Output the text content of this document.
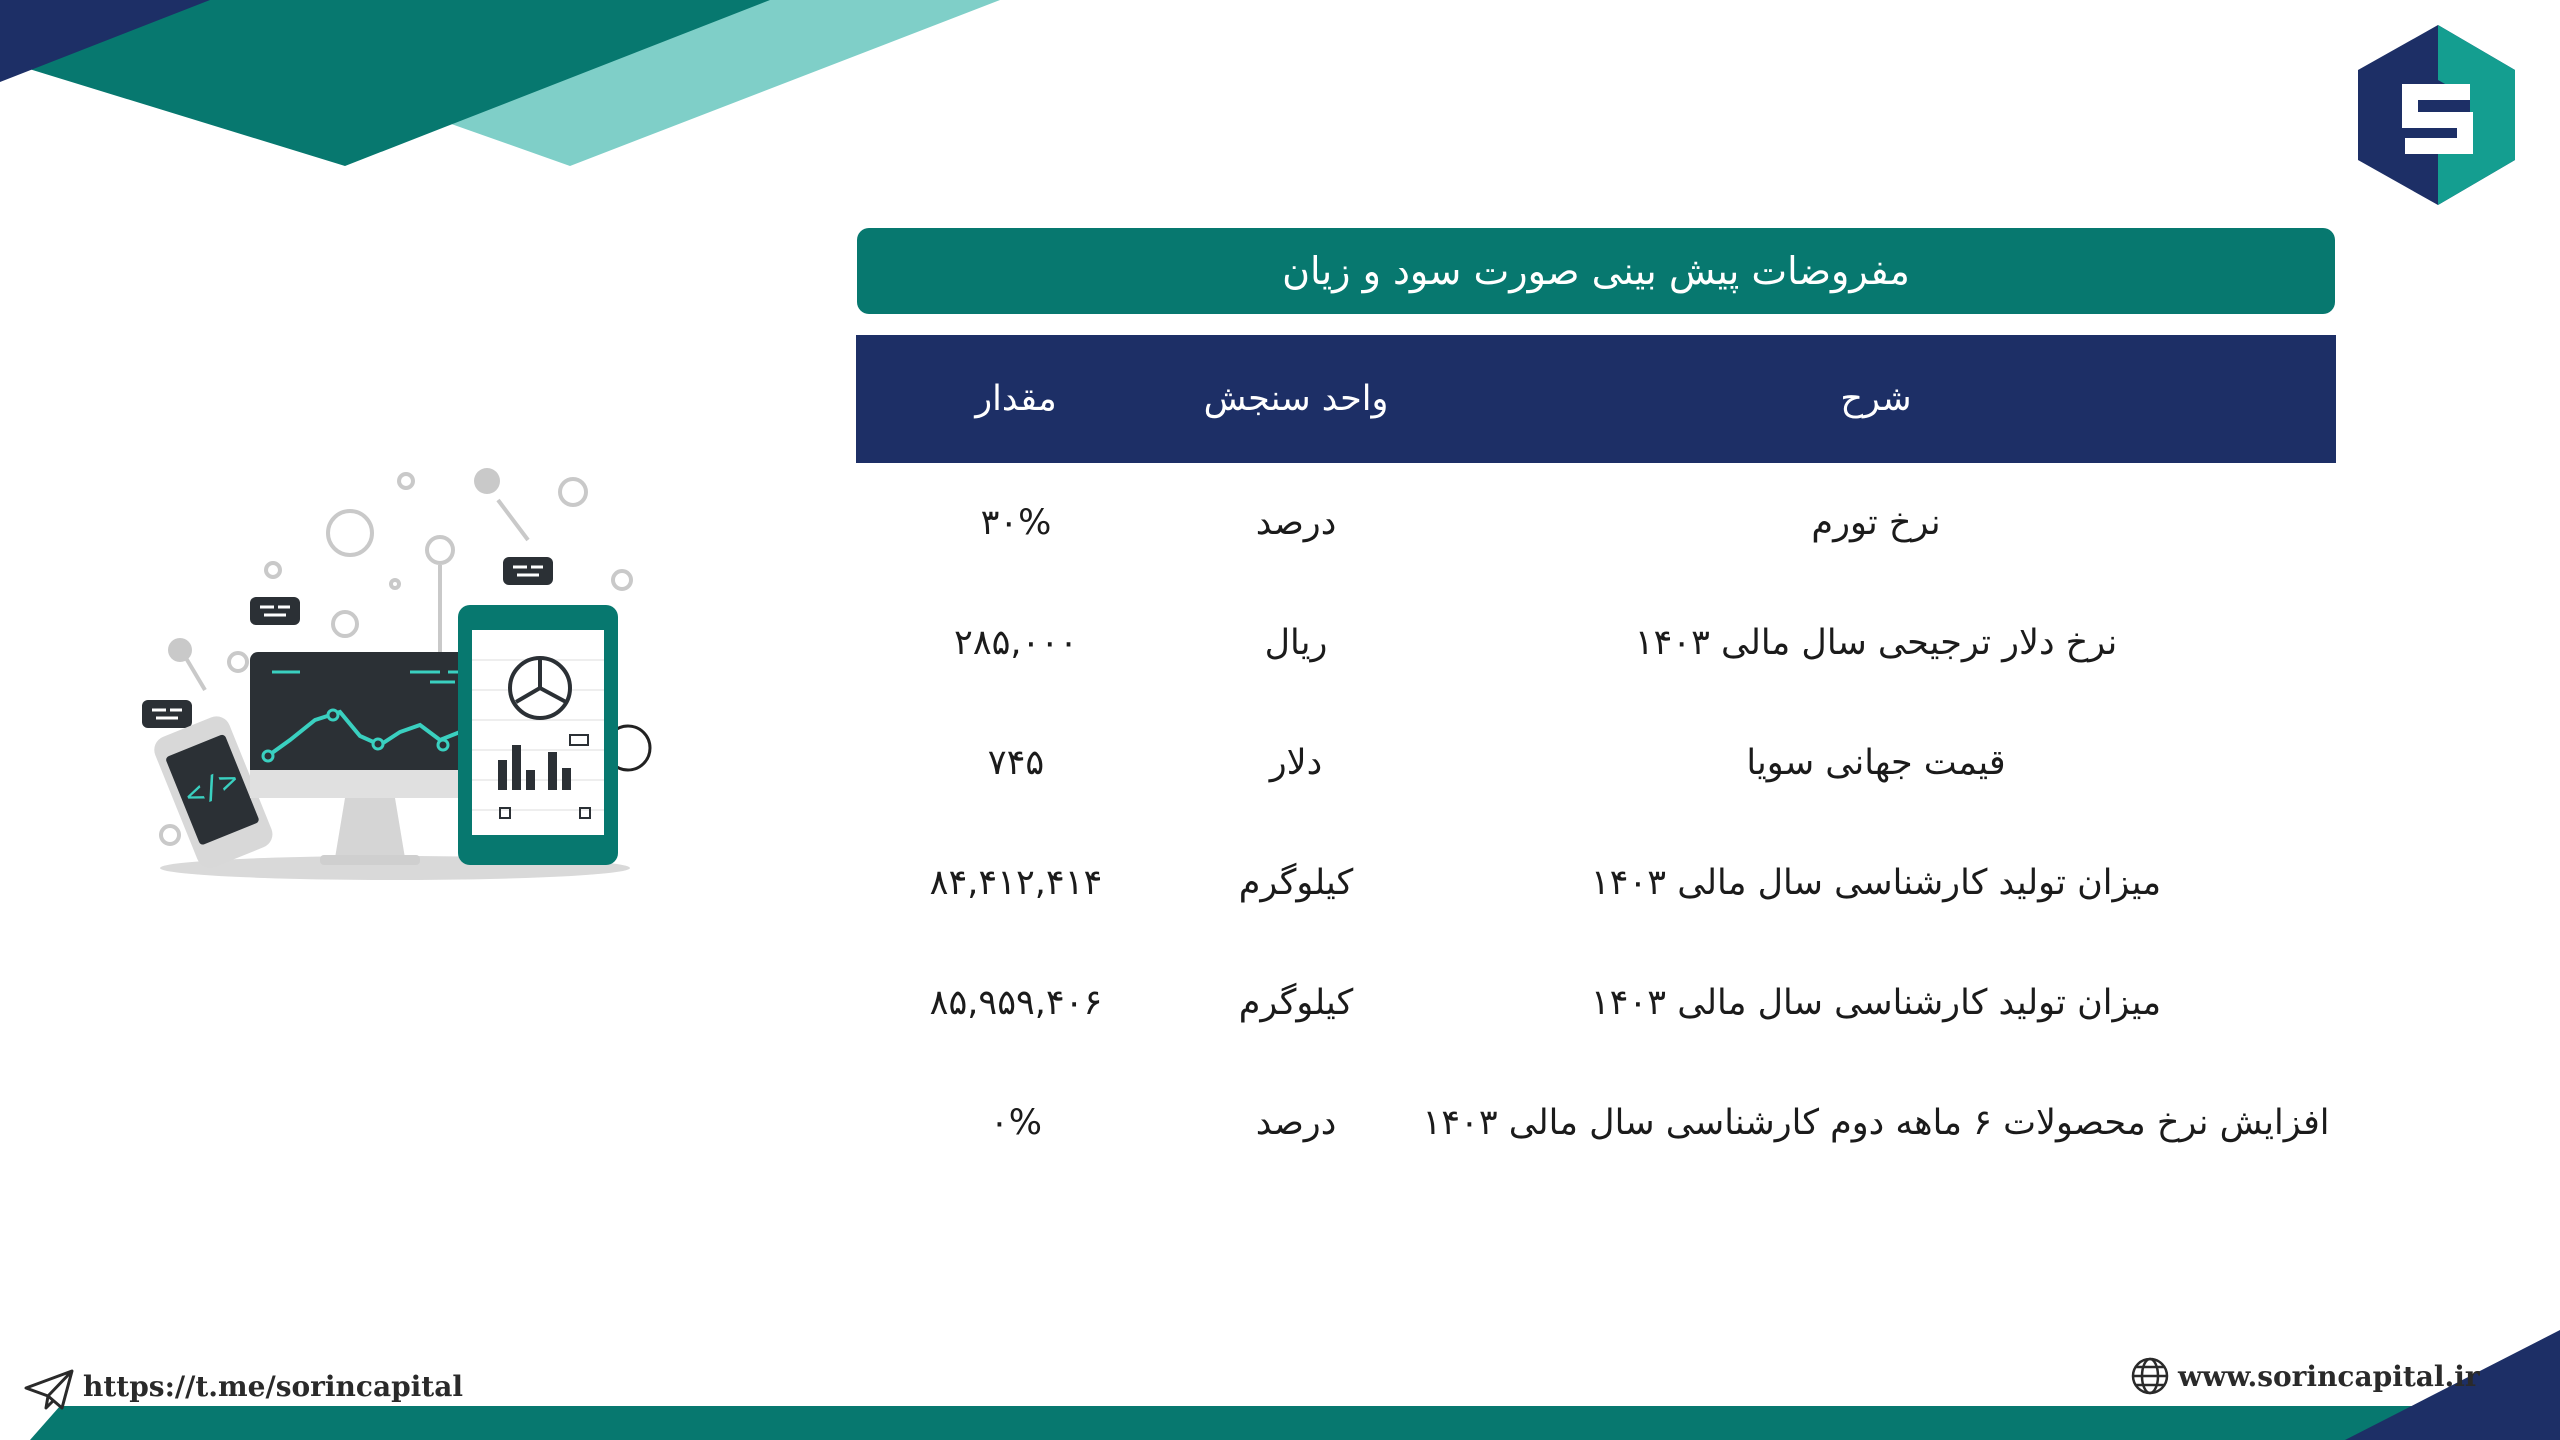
</>
مفروضات پیش بینی صورت سود و زیان
مقدار	واحد سنجش	شرح
۳۰%	درصد	نرخ تورم
۲۸۵,۰۰۰	ریال	نرخ دلار ترجیحی سال مالی ۱۴۰۳
۷۴۵	دلار	قیمت جهانی سویا
۸۴,۴۱۲,۴۱۴	کیلوگرم	میزان تولید کارشناسی سال مالی ۱۴۰۳
۸۵,۹۵۹,۴۰۶	کیلوگرم	میزان تولید کارشناسی سال مالی ۱۴۰۳
۰%	درصد	افزایش نرخ محصولات ۶ ماهه دوم کارشناسی سال مالی ۱۴۰۳
https://t.me/sorincapital	www.sorincapital.ir
